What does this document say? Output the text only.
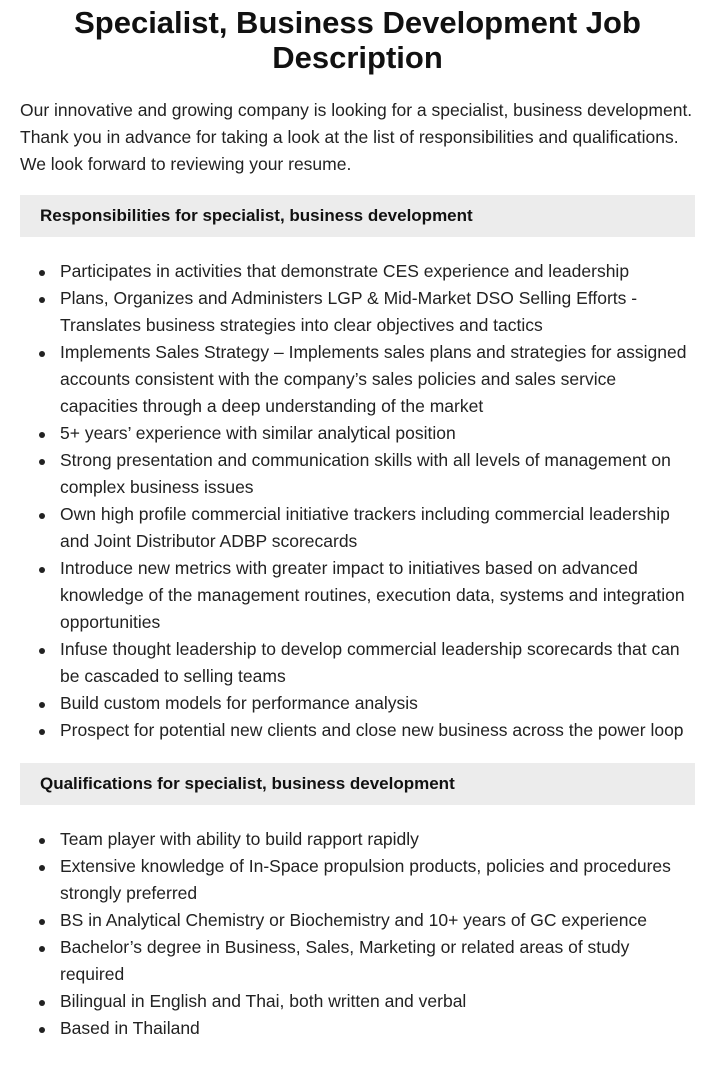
Specialist, Business Development Job Description

Our innovative and growing company is looking for a specialist, business development. Thank you in advance for taking a look at the list of responsibilities and qualifications. We look forward to reviewing your resume.

Responsibilities for specialist, business development
Participates in activities that demonstrate CES experience and leadership
Plans, Organizes and Administers LGP & Mid-Market DSO Selling Efforts - Translates business strategies into clear objectives and tactics
Implements Sales Strategy – Implements sales plans and strategies for assigned accounts consistent with the company’s sales policies and sales service capacities through a deep understanding of the market
5+ years’ experience with similar analytical position
Strong presentation and communication skills with all levels of management on complex business issues
Own high profile commercial initiative trackers including commercial leadership and Joint Distributor ADBP scorecards
Introduce new metrics with greater impact to initiatives based on advanced knowledge of the management routines, execution data, systems and integration opportunities
Infuse thought leadership to develop commercial leadership scorecards that can be cascaded to selling teams
Build custom models for performance analysis
Prospect for potential new clients and close new business across the power loop
Qualifications for specialist, business development
Team player with ability to build rapport rapidly
Extensive knowledge of In-Space propulsion products, policies and procedures strongly preferred
BS in Analytical Chemistry or Biochemistry and 10+ years of GC experience
Bachelor’s degree in Business, Sales, Marketing or related areas of study required
Bilingual in English and Thai, both written and verbal
Based in Thailand
